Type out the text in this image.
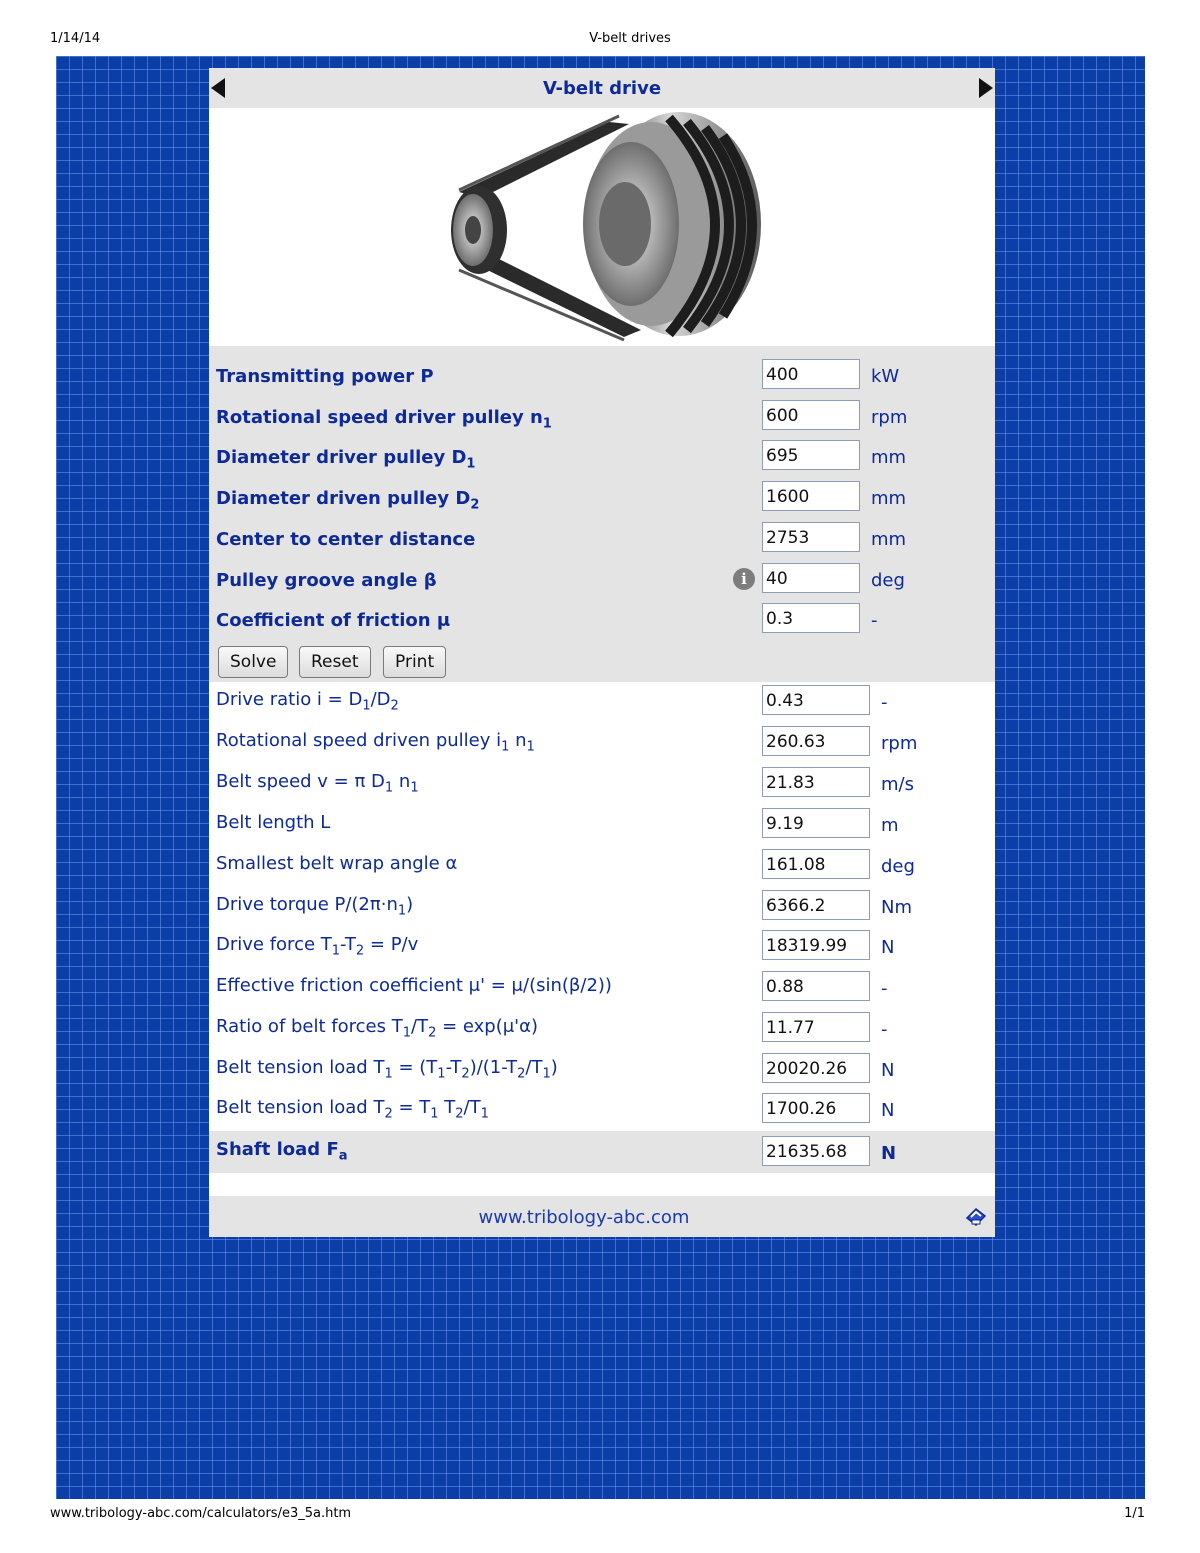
1/14/14	V-belt drives
V-belt drive
Transmitting power P	400	kW
Rotational speed driver pulley $n_1$	600	rpm
Diameter driver pulley $D_1$	695	mm
Diameter driven pulley $D_2$	1600	mm
Center to center distance	2753	mm
Pulley groove angle β	40	deg
Coefficient of friction μ	0.3	-
i
Solve	Reset	Print
Drive ratio $i = D_1/D_2$	0.43	-
Rotational speed driven pulley $i_1$ $n_1$	260.63	rpm
Belt speed v = π $D_1$ $n_1$	21.83	m/s
Belt length L	9.19	m
Smallest belt wrap angle α	161.08	deg
Drive torque $P/(2\pi\cdot n_1)$	6366.2	Nm
Drive force $T_1-T_2 = P/v$	18319.99	N
Effective friction coefficient μ' = μ/(sin(β/2))	0.88	-
Ratio of belt forces $T_1/T_2 = \exp(\mu'\alpha)$	11.77	-
Belt tension load $T_1 = (T_1-T_2)/(1-T_2/T_1)$	20020.26	N
Belt tension load $T_2 = T_1$ $T_2/T_1$	1700.26	N
Shaft load $F_a$	21635.68	N
www.tribology-abc.com
www.tribology-abc.com/calculators/e3_5a.htm	1/1
